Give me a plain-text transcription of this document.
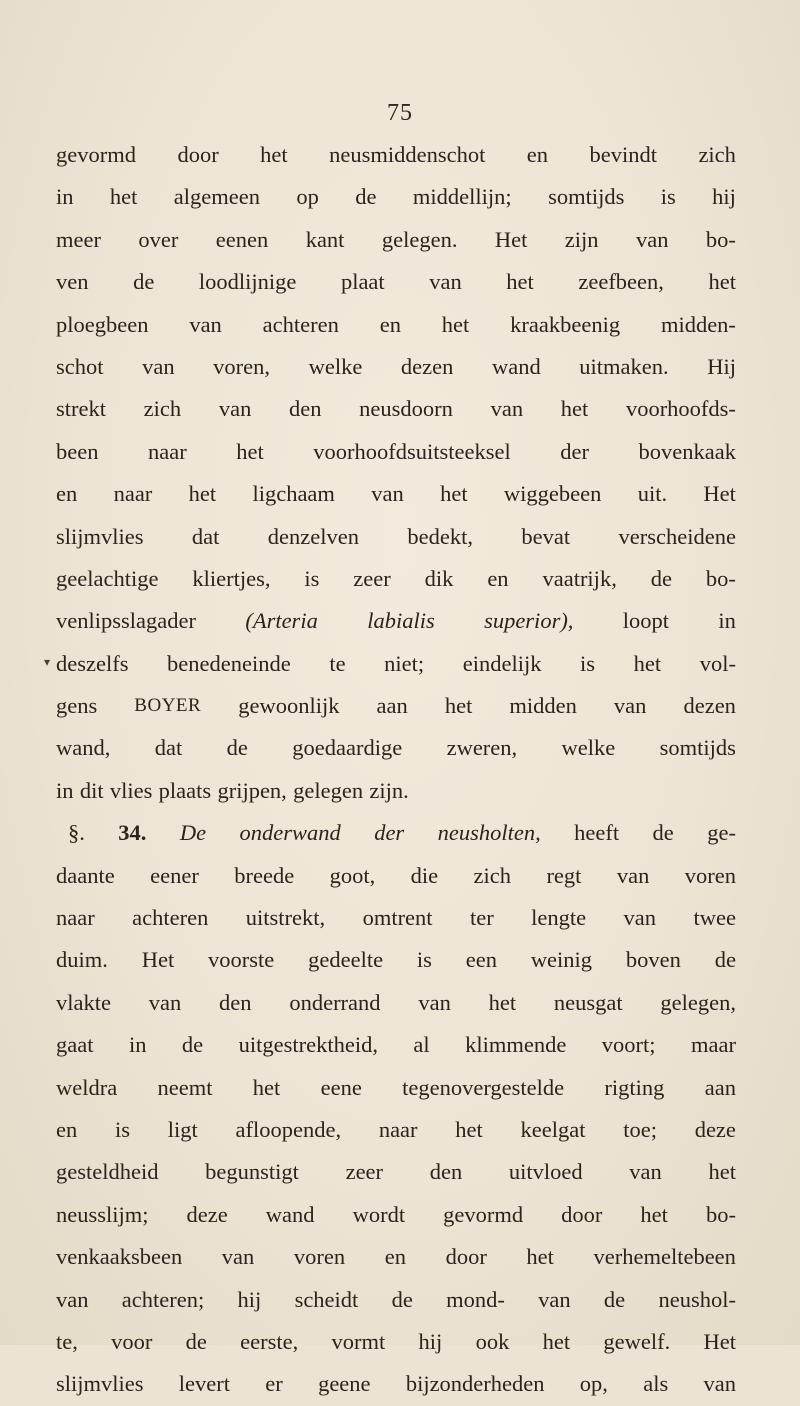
75
▾
gevormd door het neusmiddenschot en bevindt zich
in het algemeen op de middellijn; somtijds is hij
meer over eenen kant gelegen. Het zijn van bo-
ven de loodlijnige plaat van het zeefbeen, het
ploegbeen van achteren en het kraakbeenig midden-
schot van voren, welke dezen wand uitmaken. Hij
strekt zich van den neusdoorn van het voorhoofds-
been naar het voorhoofdsuitsteeksel der bovenkaak
en naar het ligchaam van het wiggebeen uit. Het
slijmvlies dat denzelven bedekt, bevat verscheidene
geelachtige kliertjes, is zeer dik en vaatrijk, de bo-
venlipsslagader (Arteria labialis superior), loopt in
deszelfs benedeneinde te niet; eindelijk is het vol-
gens BOYER gewoonlijk aan het midden van dezen
wand, dat de goedaardige zweren, welke somtijds
in dit vlies plaats grijpen, gelegen zijn.
§. 34. De onderwand der neusholten, heeft de ge-
daante eener breede goot, die zich regt van voren
naar achteren uitstrekt, omtrent ter lengte van twee
duim. Het voorste gedeelte is een weinig boven de
vlakte van den onderrand van het neusgat gelegen,
gaat in de uitgestrektheid, al klimmende voort; maar
weldra neemt het eene tegenovergestelde rigting aan
en is ligt afloopende, naar het keelgat toe; deze
gesteldheid begunstigt zeer den uitvloed van het
neusslijm; deze wand wordt gevormd door het bo-
venkaaksbeen van voren en door het verhemeltebeen
van achteren; hij scheidt de mond- van de neushol-
te, voor de eerste, vormt hij ook het gewelf. Het
slijmvlies levert er geene bijzonderheden op, als van
